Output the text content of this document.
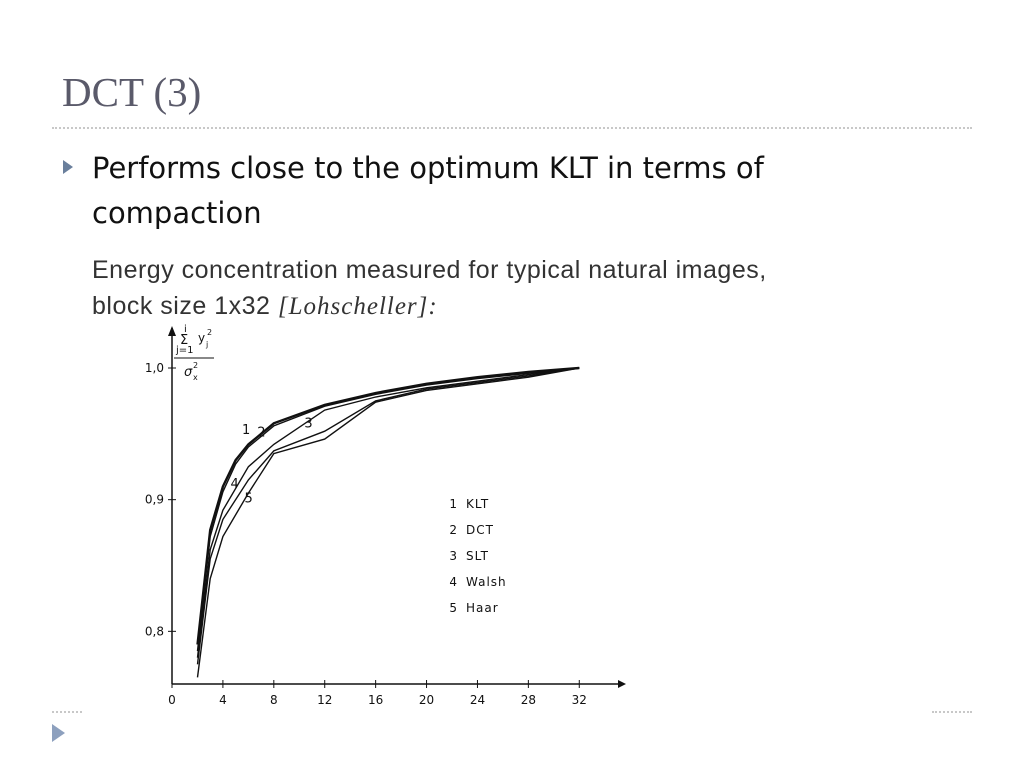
DCT (3)
Performs close to the optimum KLT in terms of compaction
Energy concentration measured for typical natural images,
block size 1x32 [Lohscheller]:
0	4	8	12	16	20	24	28	32
0,8
0,9
1,0
i
Σ y j
2
j=1
σ x
2
1 2
3
4
5	1 KLT
2 DCT
3 SLT
4 Walsh
5 Haar
